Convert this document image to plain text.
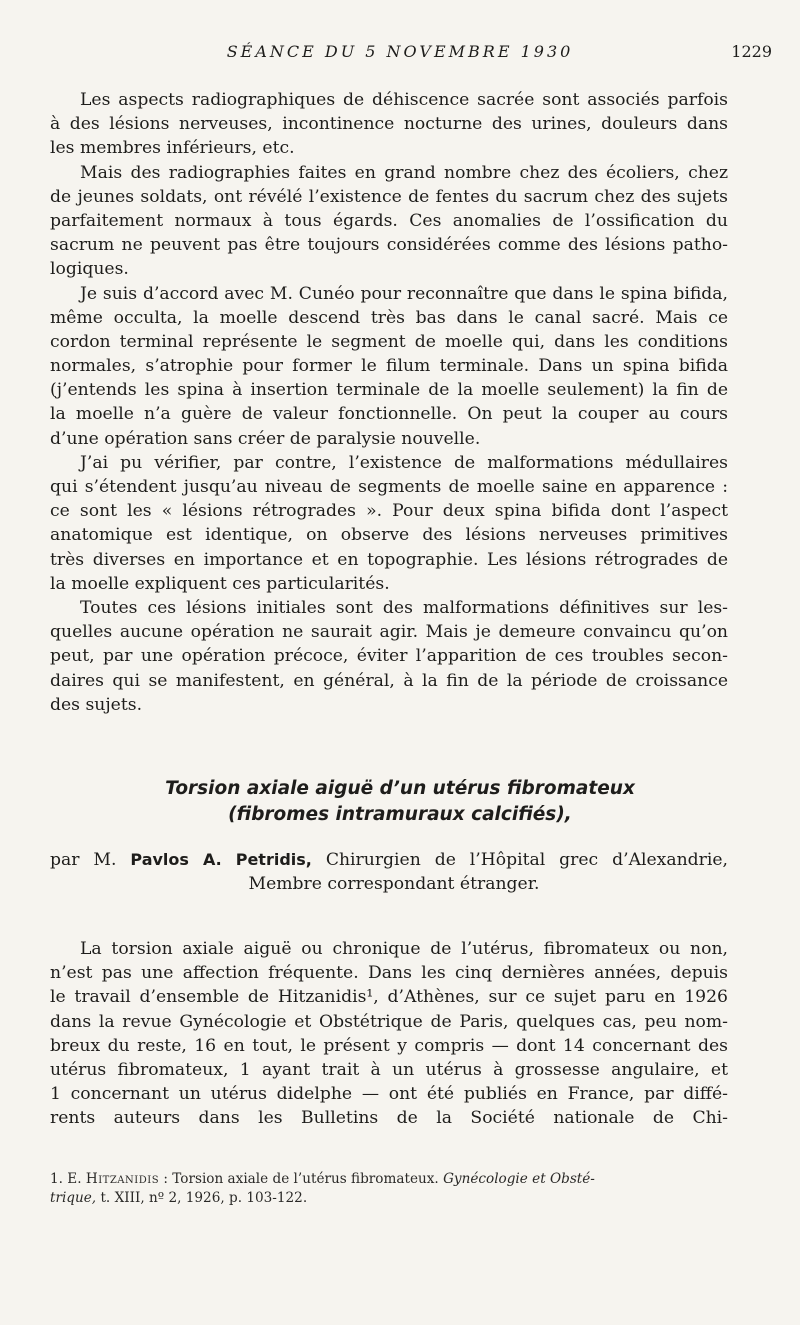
SÉANCE DU 5 NOVEMBRE 1930	1229
Les aspects radiographiques de déhiscence sacrée sont associés parfois
à des lésions nerveuses, incontinence nocturne des urines, douleurs dans
les membres inférieurs, etc.
Mais des radiographies faites en grand nombre chez des écoliers, chez
de jeunes soldats, ont révélé l’existence de fentes du sacrum chez des sujets
parfaitement normaux à tous égards. Ces anomalies de l’ossification du
sacrum ne peuvent pas être toujours considérées comme des lésions patho-
logiques.
Je suis d’accord avec M. Cunéo pour reconnaître que dans le spina bifida,
même occulta, la moelle descend très bas dans le canal sacré. Mais ce
cordon terminal représente le segment de moelle qui, dans les conditions
normales, s’atrophie pour former le filum terminale. Dans un spina bifida
(j’entends les spina à insertion terminale de la moelle seulement) la fin de
la moelle n’a guère de valeur fonctionnelle. On peut la couper au cours
d’une opération sans créer de paralysie nouvelle.
J’ai pu vérifier, par contre, l’existence de malformations médullaires
qui s’étendent jusqu’au niveau de segments de moelle saine en apparence :
ce sont les « lésions rétrogrades ». Pour deux spina bifida dont l’aspect
anatomique est identique, on observe des lésions nerveuses primitives
très diverses en importance et en topographie. Les lésions rétrogrades de
la moelle expliquent ces particularités.
Toutes ces lésions initiales sont des malformations définitives sur les-
quelles aucune opération ne saurait agir. Mais je demeure convaincu qu’on
peut, par une opération précoce, éviter l’apparition de ces troubles secon-
daires qui se manifestent, en général, à la fin de la période de croissance
des sujets.
Torsion axiale aiguë d’un utérus fibromateux
(fibromes intramuraux calcifiés),
par M. Pavlos A. Petridis, Chirurgien de l’Hôpital grec d’Alexandrie,
Membre correspondant étranger.
La torsion axiale aiguë ou chronique de l’utérus, fibromateux ou non,
n’est pas une affection fréquente. Dans les cinq dernières années, depuis
le travail d’ensemble de Hitzanidis¹, d’Athènes, sur ce sujet paru en 1926
dans la revue Gynécologie et Obstétrique de Paris, quelques cas, peu nom-
breux du reste, 16 en tout, le présent y compris — dont 14 concernant des
utérus fibromateux, 1 ayant trait à un utérus à grossesse angulaire, et
1 concernant un utérus didelphe — ont été publiés en France, par diffé-
rents auteurs dans les Bulletins de la Société nationale de Chi-
1. E. Hitzanidis : Torsion axiale de l’utérus fibromateux. Gynécologie et Obsté-
trique, t. XIII, nº 2, 1926, p. 103-122.
